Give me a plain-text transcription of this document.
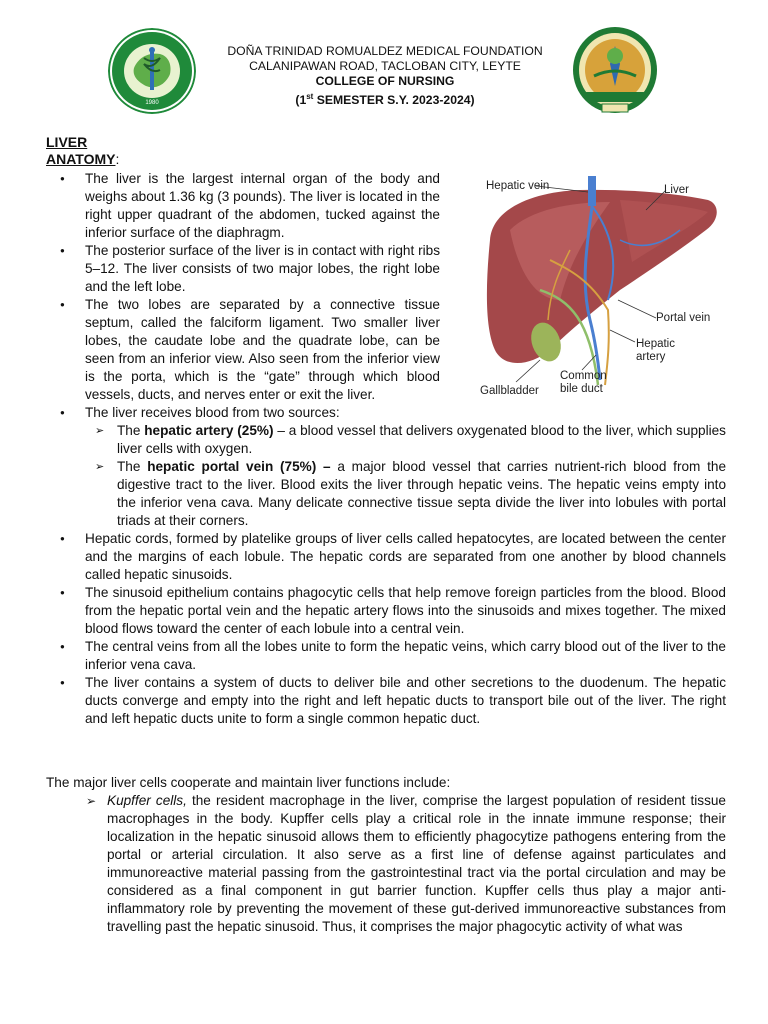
1980
DOÑA TRINIDAD ROMUALDEZ MEDICAL FOUNDATION
CALANIPAWAN ROAD, TACLOBAN CITY, LEYTE
COLLEGE OF NURSING
(1st SEMESTER S.Y. 2023-2024)
LIVER
ANATOMY:
Hepatic vein	Liver
Portal vein
Hepatic
artery
Common
bile duct
Gallbladder
● The liver is the largest internal organ of the body and weighs about 1.36 kg (3 pounds). The liver is located in the right upper quadrant of the abdomen, tucked against the inferior surface of the diaphragm.
● The posterior surface of the liver is in contact with right ribs 5–12. The liver consists of two major lobes, the right lobe and the left lobe.
● The two lobes are separated by a connective tissue septum, called the falciform ligament. Two smaller liver lobes, the caudate lobe and the quadrate lobe, can be seen from an inferior view. Also seen from the inferior view is the porta, which is the “gate” through which blood vessels, ducts, and nerves enter or exit the liver.
● The liver receives blood from two sources:
➢ The hepatic artery (25%) – a blood vessel that delivers oxygenated blood to the liver, which supplies liver cells with oxygen.
➢ The hepatic portal vein (75%) – a major blood vessel that carries nutrient-rich blood from the digestive tract to the liver. Blood exits the liver through hepatic veins. The hepatic veins empty into the inferior vena cava. Many delicate connective tissue septa divide the liver into lobules with portal triads at their corners.
● Hepatic cords, formed by platelike groups of liver cells called hepatocytes, are located between the center and the margins of each lobule. The hepatic cords are separated from one another by blood channels called hepatic sinusoids.
● The sinusoid epithelium contains phagocytic cells that help remove foreign particles from the blood. Blood from the hepatic portal vein and the hepatic artery flows into the sinusoids and mixes together. The mixed blood flows toward the center of each lobule into a central vein.
● The central veins from all the lobes unite to form the hepatic veins, which carry blood out of the liver to the inferior vena cava.
● The liver contains a system of ducts to deliver bile and other secretions to the duodenum. The hepatic ducts converge and empty into the right and left hepatic ducts to transport bile out of the liver. The right and left hepatic ducts unite to form a single common hepatic duct.
The major liver cells cooperate and maintain liver functions include:
➢ Kupffer cells, the resident macrophage in the liver, comprise the largest population of resident tissue macrophages in the body. Kupffer cells play a critical role in the innate immune response; their localization in the hepatic sinusoid allows them to efficiently phagocytize pathogens entering from the portal or arterial circulation. It also serve as a first line of defense against particulates and immunoreactive material passing from the gastrointestinal tract via the portal circulation and may be considered as a final component in gut barrier function. Kupffer cells thus play a major anti-inflammatory role by preventing the movement of these gut-derived immunoreactive substances from travelling past the hepatic sinusoid. Thus, it comprises the major phagocytic activity of what was
